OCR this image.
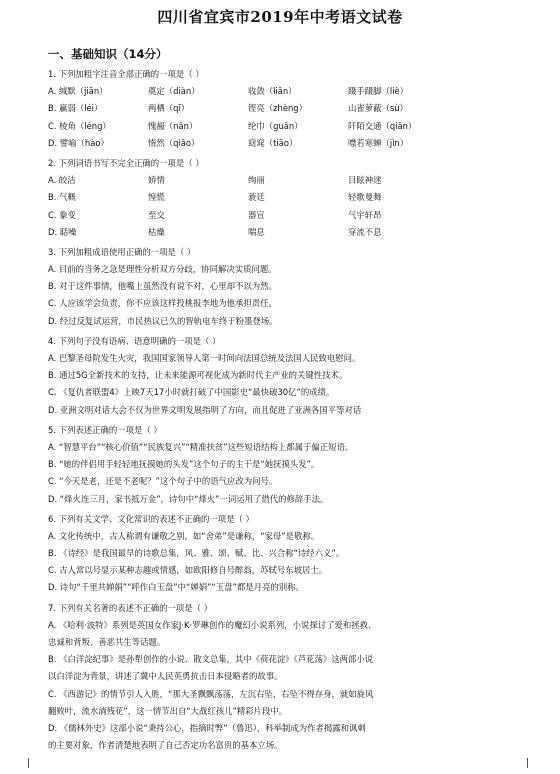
四川省宜宾市2019年中考语文试卷
一、基础知识（14分）
1. 下列加粗字注音全部正确的一项是（ ）
A. 缄默（jiān）	奠定（diàn）	收敛（liǎn）	蹑手蹑脚（liè）
B. 赢弱（léi）	两栖（qī）	铿亮（zhèng）	山雀萝蔽（sù）
C. 棱角（léng）	愧赧（nǎn）	纶巾（guān）	阡陌交通（qiān）
D. 譬喻（hào）	惰然（qiǎo）	窈窕（tiāo）	噤若寒蝉（jìn）
2. 下列词语书写不完全正确的一项是（ ）
A. 皎洁	娇情	绚丽	目眩神迷
B. 气概	惶慌	蓑廷	轻歌曼舞
C. 豢变	至交	器宣	气宇轩昂
D. 聒噪	枯燥	喘息	穿流不息
3. 下列加粗成语使用正确的一项是（ ）
A. 目前的当务之急是理性分析双方分歧，协同解决实质问题。
B. 对于这件事情，他嘴上虽然没有说不对，心里却不以为然。
C. 人应该学会负责，你不应该这样投桃报李地为他承担责任。
D. 经过反复试运营，市民热议已久的智轨电车终于粉墨登场。
4. 下列句子没有语病、语意明确的一项是（ ）
A. 巴黎圣母院发生火灾，我国国家领导人第一时间向法国总统及法国人民致电慰问。
B. 通过5G全新技术的支持，让未来能源可视化成为新时代主产业的关键性技术。
C. 《复仇者联盟4》上映7天17小时就打破了中国影史“最快破30亿”的成绩。
D. 亚洲文明对话大会不仅为世界文明发展指明了方向，而且促进了亚洲各国平等对话
5. 下列表述正确的一项是（ ）
A. “智慧平台”“核心价值”“民族复兴”“精准扶贫”这些短语结构上都属于偏正短语。
B. “她的伴侣用手轻轻地抚摸她的头发”这个句子的主干是“她抚摸头发”。
C. “今天是老，还是不老呢？”这个句子中的语气应改为问号。
D. “烽火连三月，家书抵万金”，诗句中“烽火”一词运用了借代的修辞手法。
6. 下列有关文学、文化常识的表述不正确的一项是（ ）
A. 文化传统中，古人称谓有谦敬之别，如“舍弟”是谦称，“家母”是敬称。
B. 《诗经》是我国最早的诗歌总集，风、雅、颂、赋、比、兴合称“诗经六义”。
C. 古人常以号显示某种志趣或情感，如欧阳修自号醉翁，苏轼号东坡居士。
D. 诗句“千里共婵娟”“呼作白玉盘”中“婵娟”“玉盘”都是月亮的别称。
7. 下列有关名著的表述不正确的一项是（ ）
A. 《哈利·波特》系列是英国女作家J·K·罗琳创作的魔幻小说系列，小说探讨了爱和拯救、
忠诚和背叛、善恶共生等话题。
B. 《白洋淀纪事》是孙犁创作的小说、散文总集，其中《荷花淀》《芦花荡》这两部小说
以白洋淀为背景，讲述了冀中人民英勇抗击日本侵略者的故事。
C. 《西游记》的情节引人入胜，“那大圣飘飘荡荡，左沉右坠，右坠不得存身，就如旋风
翻败叶，流水淌残花”，这一情节出自“大战红孩儿”精彩片段中。
D. 《儒林外史》这部小说“秉持公心，指摘时弊”（鲁迅），科举制成为作者揭露和讽刺
的主要对象，作者清楚地表明了自己否定功名富贵的基本立场。
